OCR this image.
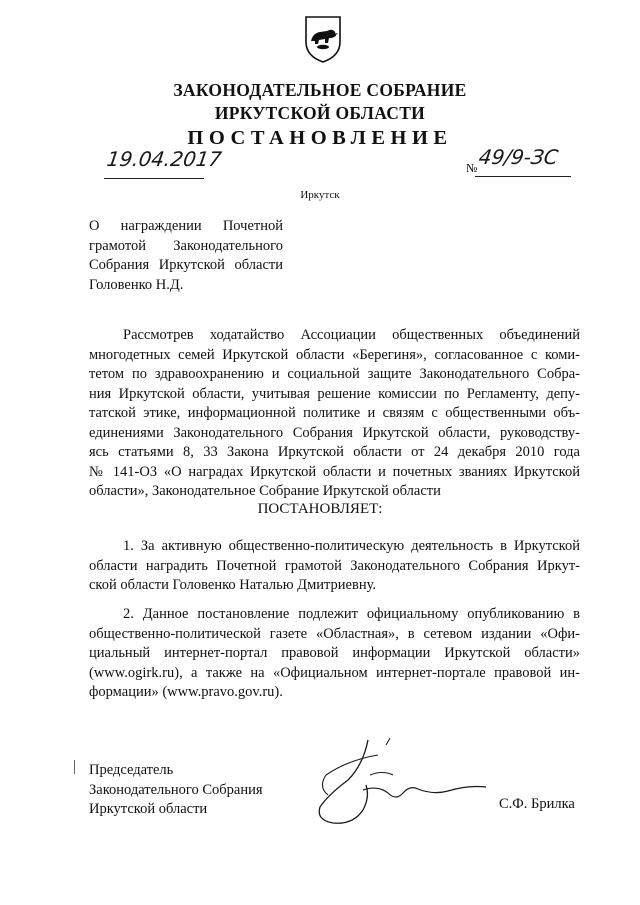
ЗАКОНОДАТЕЛЬНОЕ СОБРАНИЕ
ИРКУТСКОЙ ОБЛАСТИ
ПОСТАНОВЛЕНИЕ
19.04.2017	№ 49/9-ЗС
Иркутск
О награждении Почетной
грамотой Законодательного
Собрания Иркутской области
Головенко Н.Д.
Рассмотрев ходатайство Ассоциации общественных объединений
многодетных семей Иркутской области «Берегиня», согласованное с коми-
тетом по здравоохранению и социальной защите Законодательного Собра-
ния Иркутской области, учитывая решение комиссии по Регламенту, депу-
татской этике, информационной политике и связям с общественными объ-
единениями Законодательного Собрания Иркутской области, руководству-
ясь статьями 8, 33 Закона Иркутской области от 24 декабря 2010 года
№ 141-ОЗ «О наградах Иркутской области и почетных званиях Иркутской
области», Законодательное Собрание Иркутской области
ПОСТАНОВЛЯЕТ:
1. За активную общественно-политическую деятельность в Иркутской
области наградить Почетной грамотой Законодательного Собрания Иркут-
ской области Головенко Наталью Дмитриевну.
2. Данное постановление подлежит официальному опубликованию в
общественно-политической газете «Областная», в сетевом издании «Офи-
циальный интернет-портал правовой информации Иркутской области»
(www.ogirk.ru), а также на «Официальном интернет-портале правовой ин-
формации» (www.pravo.gov.ru).
Председатель
Законодательного Собрания
Иркутской области	С.Ф. Брилка
